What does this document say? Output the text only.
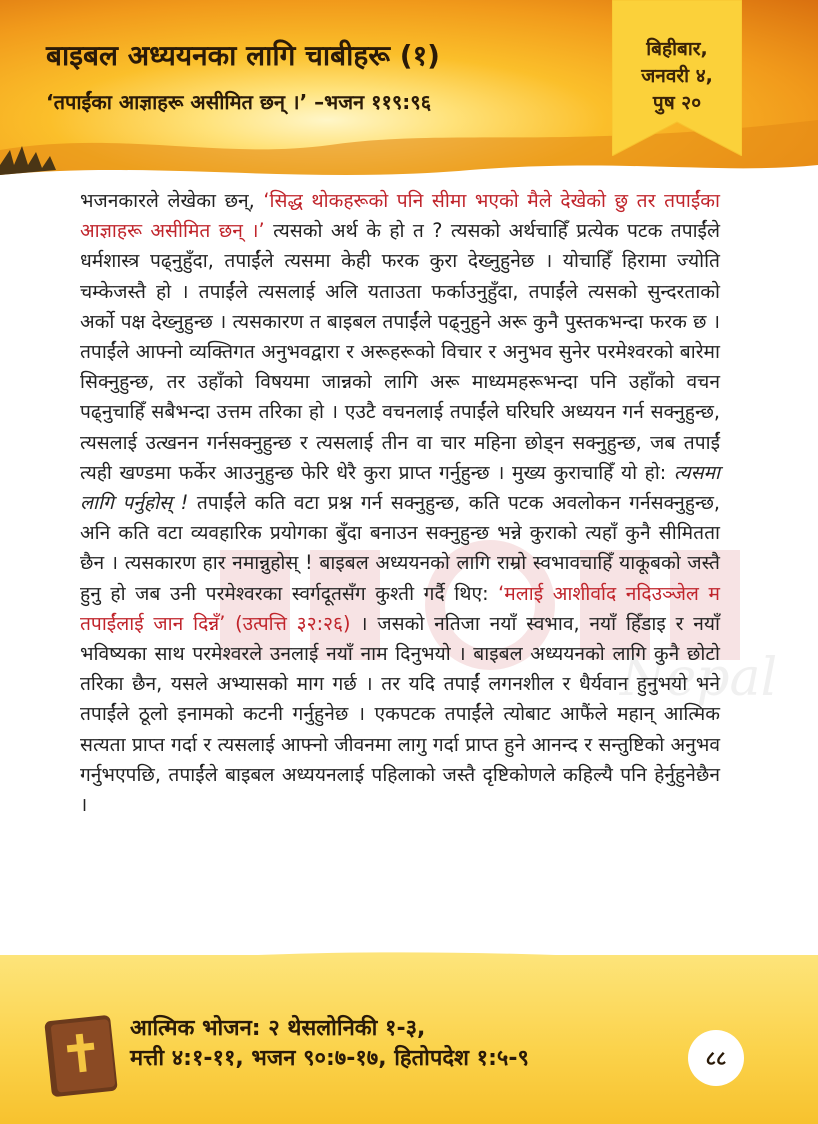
बाइबल अध्ययनका लागि चाबीहरू (१)
‘तपाईंका आज्ञाहरू असीमित छन् ।’ –भजन ११९:९६
बिहीबार,
जनवरी ४,
पुष २०
Nepal
भजनकारले लेखेका छन्, ‘सिद्ध थोकहरूको पनि सीमा भएको मैले देखेको छु तर तपाईंका आज्ञाहरू असीमित छन् ।’ त्यसको अर्थ के हो त ? त्यसको अर्थचाहिँ प्रत्येक पटक तपाईंले धर्मशास्त्र पढ्नुहुँदा, तपाईंले त्यसमा केही फरक कुरा देख्नुहुनेछ । योचाहिँ हिरामा ज्योति चम्केजस्तै हो । तपाईंले त्यसलाई अलि यताउता फर्काउनुहुँदा, तपाईंले त्यसको सुन्दरताको अर्को पक्ष देख्नुहुन्छ । त्यसकारण त बाइबल तपाईंले पढ्नुहुने अरू कुनै पुस्तकभन्दा फरक छ । तपाईंले आफ्नो व्यक्तिगत अनुभवद्वारा र अरूहरूको विचार र अनुभव सुनेर परमेश्वरको बारेमा सिक्नुहुन्छ, तर उहाँको विषयमा जान्नको लागि अरू माध्यमहरूभन्दा पनि उहाँको वचन पढ्नुचाहिँ सबैभन्दा उत्तम तरिका हो । एउटै वचनलाई तपाईंले घरिघरि अध्ययन गर्न सक्नुहुन्छ, त्यसलाई उत्खनन गर्नसक्नुहुन्छ र त्यसलाई तीन वा चार महिना छोड्न सक्नुहुन्छ, जब तपाईं त्यही खण्डमा फर्केर आउनुहुन्छ फेरि धेरै कुरा प्राप्त गर्नुहुन्छ । मुख्य कुराचाहिँ यो हो: त्यसमा लागि पर्नुहोस् ! तपाईंले कति वटा प्रश्न गर्न सक्नुहुन्छ, कति पटक अवलोकन गर्नसक्नुहुन्छ, अनि कति वटा व्यवहारिक प्रयोगका बुँदा बनाउन सक्नुहुन्छ भन्ने कुराको त्यहाँ कुनै सीमितता छैन । त्यसकारण हार नमान्नुहोस् ! बाइबल अध्ययनको लागि राम्रो स्वभावचाहिँ याकूबको जस्तै हुनु हो जब उनी परमेश्वरका स्वर्गदूतसँग कुश्ती गर्दै थिए: ‘मलाई आशीर्वाद नदिउञ्जेल म तपाईंलाई जान दिन्नँ’ (उत्पत्ति ३२:२६) । जसको नतिजा नयाँ स्वभाव, नयाँ हिँडाइ र नयाँ भविष्यका साथ परमेश्वरले उनलाई नयाँ नाम दिनुभयो । बाइबल अध्ययनको लागि कुनै छोटो तरिका छैन, यसले अभ्यासको माग गर्छ । तर यदि तपाईं लगनशील र धैर्यवान हुनुभयो भने तपाईंले ठूलो इनामको कटनी गर्नुहुनेछ । एकपटक तपाईंले त्योबाट आफैंले महान् आत्मिक सत्यता प्राप्त गर्दा र त्यसलाई आफ्नो जीवनमा लागु गर्दा प्राप्त हुने आनन्द र सन्तुष्टिको अनुभव गर्नुभएपछि, तपाईंले बाइबल अध्ययनलाई पहिलाको जस्तै दृष्टिकोणले कहिल्यै पनि हेर्नुहुनेछैन ।
आत्मिक भोजन: २ थेसलोनिकी १-३,
मत्ती ४:१-११, भजन ९०:७-१७, हितोपदेश १:५-९	८८
